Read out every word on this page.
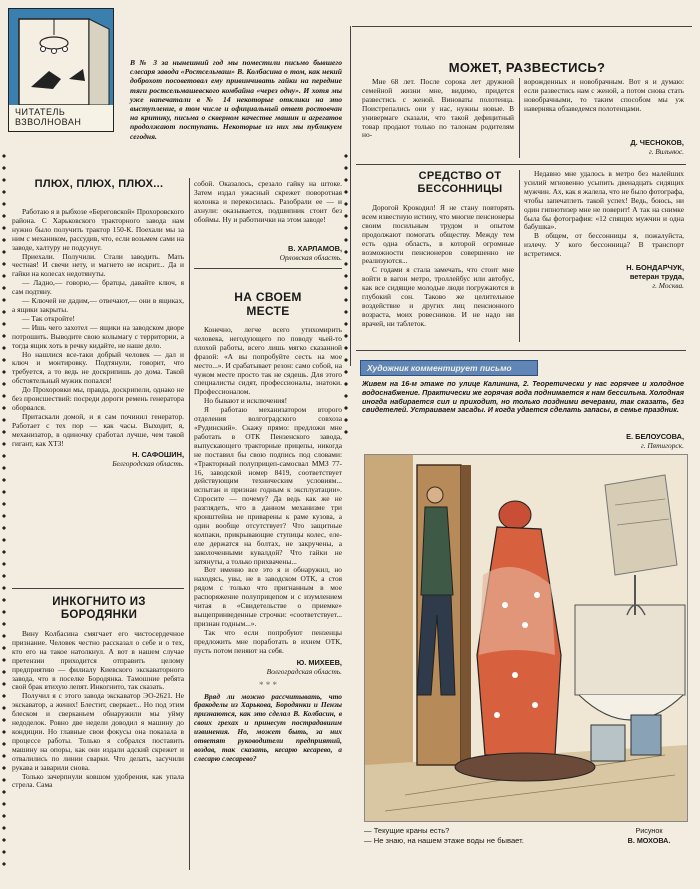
ЧИТАТЕЛЬ
ВЗВОЛНОВАН

В № 3 за нынешний год мы поместили письмо бывшего слесаря завода «Ростсельмаш» В. Колбасина о том, как некий доброхот посоветовал ему привинчивать гайки на передние тяги ростсельмашевского комбайна «через одну». И хотя мы уже напечатали в № 14 некоторые отклики на это выступление, в том числе и официальный ответ ростовчан на критику, письма о скверном качестве машин и агрегатов продолжают поступать. Некоторые из них мы публикуем сегодня.

ПЛЮХ, ПЛЮХ, ПЛЮХ...

Работаю я в рыбхозе «Береговской» Прохоровского района. С Харьковского тракторного завода нам нужно было получить трактор 150-К. Поехали мы за ним с механиком, рассудив, что, если возьмем сами на заводе, халтуру не подсунут.

Приехали. Получили. Стали заводить. Мать честная! И свечи нету, и магнето не искрит... Да и гайки на колесах недотянуты.

— Ладно,— говорю,— братцы, давайте ключ, я сам подтяну.

— Ключей не дадим,— отвечают,— они в ящиках, а ящики закрыты.

— Так откройте!

— Ишь чего захотел — ящики на заводском дворе потрошить. Выводите свою колымагу с территории, а тогда ящик хоть в речку кидайте, не наше дело.

Но нашлися все-таки добрый человек — дал и ключ и монтировку. Подтянули, говорит, что требуется, а то ведь не доскрипишь до дома. Такой обстоятельный мужик попался!

До Прохоровки мы, правда, доскрипели, однако не без происшествий: посреди дороги ремень генератора оборвался.

Притаскали домой, и я сам починил генератор. Работает с тех пор — как часы. Выходит, я, механизатор, в одиночку сработал лучше, чем такой гигант, как ХТЗ!

Н. САФОШИН,
Белгородская область.

собой. Оказалось, срезало гайку на штоке. Затем издал ужасный скрежет поворотная колонка и перекосилась. Разобрали ее — и ахнули: оказывается, подшипник стоит без обоймы. Ну и работнички на этом заводе!

В. ХАРЛАМОВ,
Орловская область.
ИНКОГНИТО ИЗ БОРОДЯНКИ

Вину Колбасина смягчает его чистосердечное признание. Человек честно рассказал о себе и о тех, кто его на такое натолкнул. А вот в нашем случае претензии приходится отправить целому предприятию — филиалу Киевского экскаваторного завода, что в поселке Бородянка. Тамошние ребята свой брак втихую лепят. Инкогнито, так сказать.

Получил я с этого завода экскаватор ЭО-2621. Не экскаватор, а жених! Блестит, сверкает... Но под этим блеском и сверканьем обнаружили мы уйму недоделок. Ровно две недели доводил я машину до кондиции. Но главные свои фокусы она показала в процессе работы. Только я собрался поставить машину на опоры, как они издали адский скрежет и отвалились по линии сварки. Что делать, засучили рукава и заварили снова.

Только зачерпнули ковшом удобрения, как упала стрела. Сама

НА СВОЕМ МЕСТЕ

Конечно, легче всего утихомирить человека, негодующего по поводу чьей-то плохой работы, всего лишь мягко сказанной фразой: «А вы попробуйте сесть на мое место...». И срабатывает резон: само собой, на чужом месте просто так не сядешь. Для этого специалисты сидят, профессионалы, знатоки. Профессионалом.

Но бывают и исключения!

Я работаю механизатором второго отделения волгоградского совхоза «Рудинский». Скажу прямо: предложи мне работать в ОТК Пензенского завода, выпускающего тракторные прицепы, никогда не поставил бы свою подпись под словами: «Тракторный полуприцеп-самосвал ММЗ 77-16, заводской номер 8419, соответствует действующим техническим условиям... испытан и признан годным к эксплуатации». Спросите — почему? Да ведь как же не разглядеть, что в данном механизме три кронштейна не приварены к раме кузова, а один вообще отсутствует? Что защитные колпаки, прикрывающие ступицы колес, еле-еле держатся на болтах, не закручены, а заколоченными кувалдой? Что гайки не затянуты, а только прихвачены...

Вот именно все это я и обнаружил, но находясь, увы, не в заводском ОТК, а стоя рядом с только что пригнанным в мое распоряжение полуприцепом и с изумлением читая в «Свидетельстве о приемке» выщепринведенные строчки: «соответствует... признан годным...».

Так что если попробуют пензенцы предложить мне поработать в ихнем ОТК, пусть потом пеняют на себя.

Ю. МИХЕЕВ,
Волгоградская область.
* * *

Вряд ли можно рассчитывать, что бракоделы из Харькова, Бородянки и Пензы признаются, как это сделал В. Колбасин, в своих грехах и принесут пострадавшим извинения. Но, может быть, за них ответят руководители предприятий, воздав, так сказать, кесарю кесарево, а слесарю слесарево?

МОЖЕТ, РАЗВЕСТИСЬ?

Мне 68 лет. После сорока лет дружной семейной жизни мне, видимо, придется развестись с женой. Виноваты полотенца. Поистрепались они у нас, нужны новые. В универмаге сказали, что такой дефицитный товар продают только по талонам родителям но-

ворожденных и новобрачным. Вот я и думаю: если развестись нам с женой, а потом снова стать новобрачными, то таким способом мы уж наверняка обзаведемся полотенцами.

Д. ЧЕСНОКОВ,
г. Вильнюс.
СРЕДСТВО ОТ БЕССОННИЦЫ

Дорогой Крокодил! Я не стану повторять всем известную истину, что многие пенсионеры своим посильным трудом и опытом продолжают помогать обществу. Между тем есть одна область, в которой огромные возможности пенсионеров совершенно не реализуются...

С годами я стала замечать, что стоит мне войти в вагон метро, троллейбус или автобус, как все сидящие молодые люди погружаются в глубокий сон. Таково же целительное воздействие и других лиц пенсионного возраста, моих ровесников. И не надо ни врачей, ни таблеток.

Недавно мне удалось в метро без малейших усилий мгновенно усыпить двенадцать сидящих мужчин. Ах, как я жалела, что не было фотографа, чтобы запечатлеть такой успех! Ведь, боюсь, ни один гипнотизер мне не поверит! А так на снимке была бы фотография: «12 спящих мужчин и одна бабушка».

В общем, от бессонницы я, пожалуйста, излечу. У кого бессонница? В транспорт встретимся.

Н. БОНДАРЧУК,
ветеран труда,
г. Москва.
Художник комментирует письмо

Живем на 16-м этаже по улице Калинина, 2. Теоретически у нас горячее и холодное водоснабжение. Практически же горячая вода поднимается к нам бессильна. Холодная иногда набирается сил и приходит, но только поздними вечерами, так сказать, без свидетелей. Устраиваем засады. И когда удается сделать запасы, в семье праздник.

Е. БЕЛОУСОВА,
г. Пятигорск.
— Текущие краны есть?
— Не знаю, на нашем этаже воды не бывает.
Рисунок
В. МОХОВА.
